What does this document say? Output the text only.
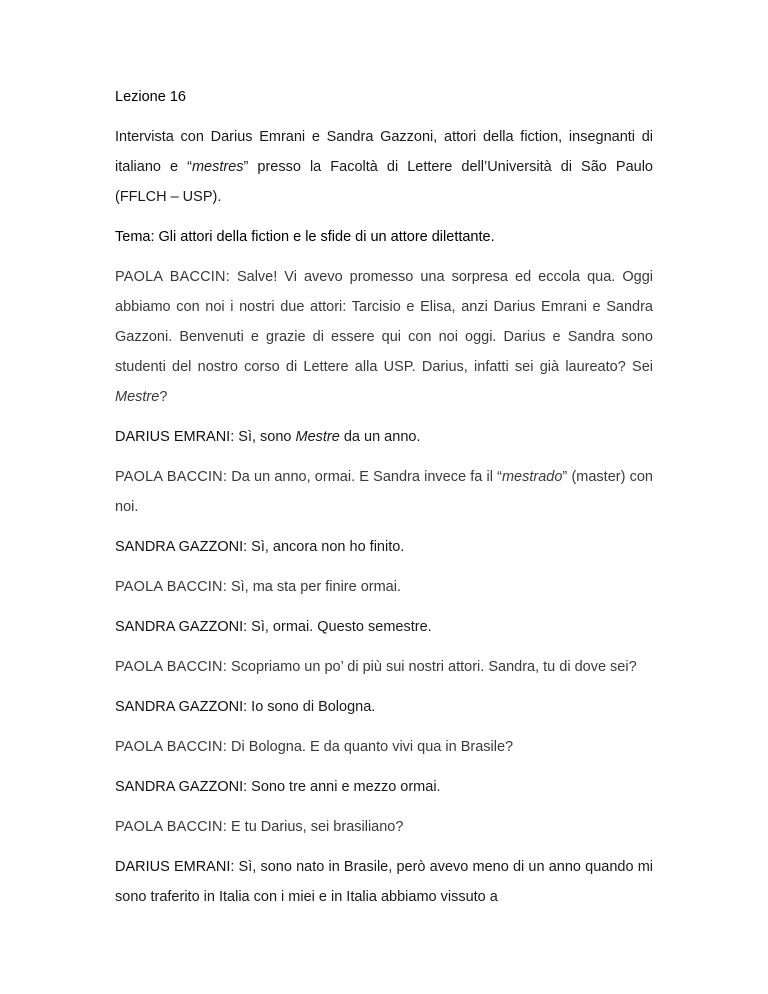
Lezione 16

Intervista con Darius Emrani e Sandra Gazzoni, attori della fiction, insegnanti di italiano e “mestres” presso la Facoltà di Lettere dell’Università di São Paulo (FFLCH – USP).

Tema: Gli attori della fiction e le sfide di un attore dilettante.

PAOLA BACCIN: Salve! Vi avevo promesso una sorpresa ed eccola qua. Oggi abbiamo con noi i nostri due attori: Tarcisio e Elisa, anzi Darius Emrani e Sandra Gazzoni. Benvenuti e grazie di essere qui con noi oggi. Darius e Sandra sono studenti del nostro corso di Lettere alla USP. Darius, infatti sei già laureato? Sei Mestre?

DARIUS EMRANI: Sì, sono Mestre da un anno.

PAOLA BACCIN: Da un anno, ormai. E Sandra invece fa il “mestrado” (master) con noi.

SANDRA GAZZONI: Sì, ancora non ho finito.

PAOLA BACCIN: Sì, ma sta per finire ormai.

SANDRA GAZZONI: Sì, ormai. Questo semestre.

PAOLA BACCIN: Scopriamo un po’ di più sui nostri attori. Sandra, tu di dove sei?

SANDRA GAZZONI: Io sono di Bologna.

PAOLA BACCIN: Di Bologna. E da quanto vivi qua in Brasile?

SANDRA GAZZONI: Sono tre anni e mezzo ormai.

PAOLA BACCIN: E tu Darius, sei brasiliano?

DARIUS EMRANI: Sì, sono nato in Brasile, però avevo meno di un anno quando mi sono traferito in Italia con i miei e in Italia abbiamo vissuto a
